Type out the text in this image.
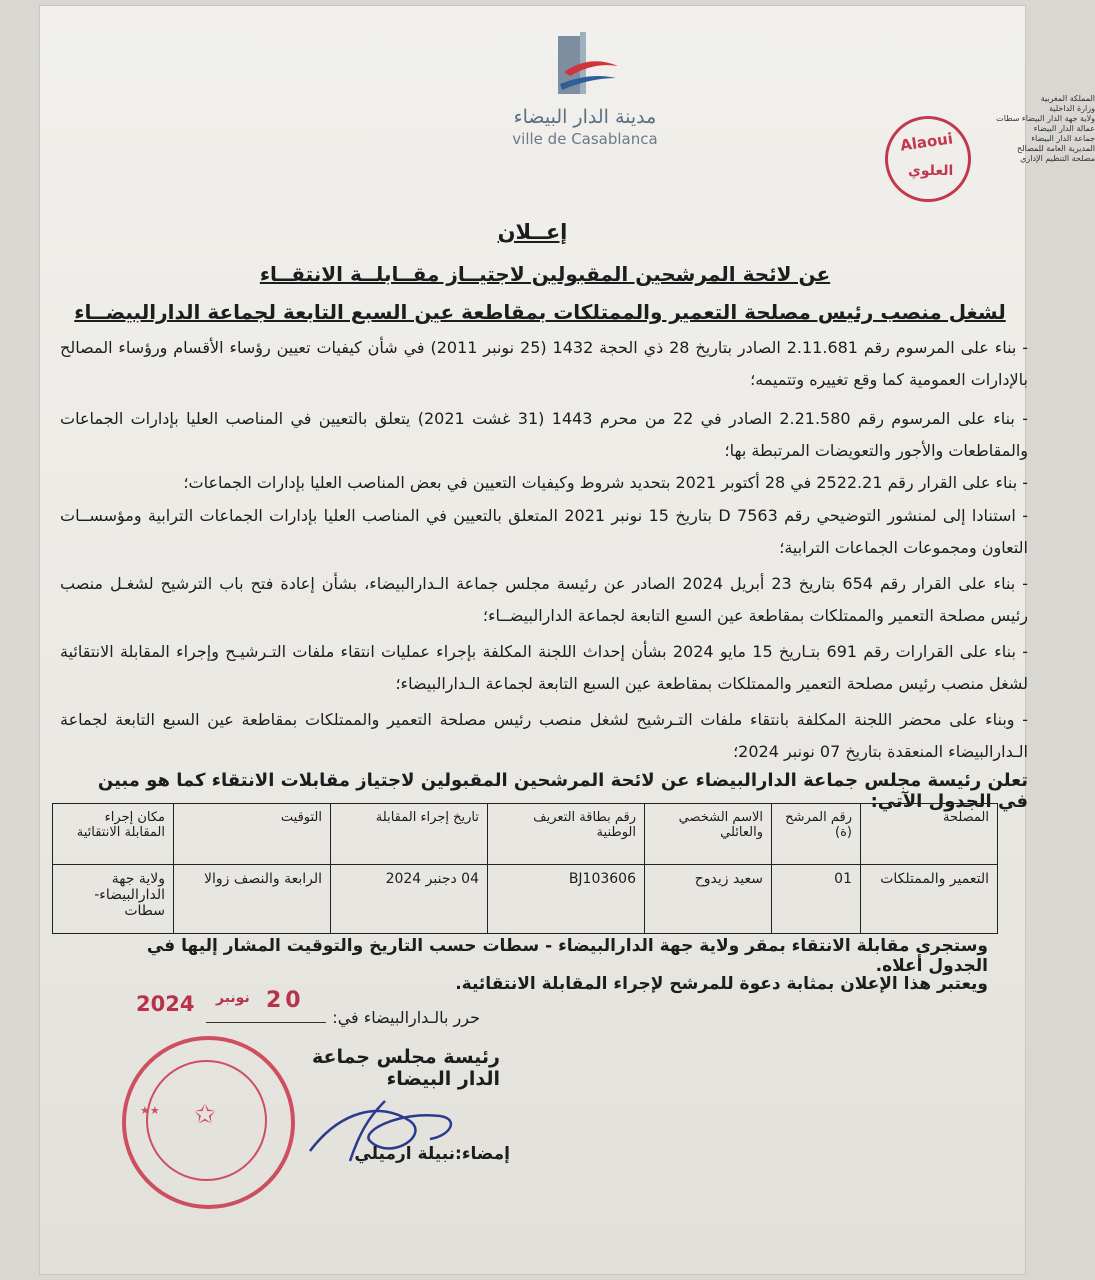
مدينة الدار البيضاء
ville de Casablanca
المملكة المغربية
وزارة الداخلية
ولاية جهة الدار البيضاء سطات
عمالة الدار البيضاء
جماعة الدار البيضاء
المديرية العامة للمصالح
مصلحة التنظيم الإداري
Alaoui
العلوي
إعــلان
عن لائحة المرشحين المقبولين لاجتيــاز مقــابلــة الانتقــاء
لشغل منصب رئيس مصلحة التعمير والممتلكات بمقاطعة عين السبع التابعة لجماعة الدارالبيضــاء
- بناء على المرسوم رقم 2.11.681 الصادر بتاريخ 28 ذي الحجة 1432 (25 نونبر 2011) في شأن كيفيات تعيين رؤساء الأقسام ورؤساء المصالح بالإدارات العمومية كما وقع تغييره وتتميمه؛
- بناء على المرسوم رقم 2.21.580 الصادر في 22 من محرم 1443 (31 غشت 2021) يتعلق بالتعيين في المناصب العليا بإدارات الجماعات والمقاطعات والأجور والتعويضات المرتبطة بها؛
- بناء على القرار رقم 2522.21 في 28 أكتوبر 2021 بتحديد شروط وكيفيات التعيين في بعض المناصب العليا بإدارات الجماعات؛
- استنادا إلى لمنشور التوضيحي رقم D 7563 بتاريخ 15 نونبر 2021 المتعلق بالتعيين في المناصب العليا بإدارات الجماعات الترابية ومؤسســات التعاون ومجموعات الجماعات الترابية؛
- بناء على القرار رقم 654 بتاريخ 23 أبريل 2024 الصادر عن رئيسة مجلس جماعة الـدارالبيضاء، بشأن إعادة فتح باب الترشيح لشغـل منصب رئيس مصلحة التعمير والممتلكات بمقاطعة عين السبع التابعة لجماعة الدارالبيضــاء؛
- بناء على القرارات رقم 691 بتـاريخ 15 مايو 2024 بشأن إحداث اللجنة المكلفة بإجراء عمليات انتقاء ملفات التـرشيـح وإجراء المقابلة الانتقائية لشغل منصب رئيس مصلحة التعمير والممتلكات بمقاطعة عين السبع التابعة لجماعة الـدارالبيضاء؛
- وبناء على محضر اللجنة المكلفة بانتقاء ملفات التـرشيح لشغل منصب رئيس مصلحة التعمير والممتلكات بمقاطعة عين السبع التابعة لجماعة الـدارالبيضاء المنعقدة بتاريخ 07 نونبر 2024؛
تعلن رئيسة مجلس جماعة الدارالبيضاء عن لائحة المرشحين المقبولين لاجتياز مقابلات الانتقاء كما هو مبين في الجدول الآتي:
المصلحة	رقم المرشح (ة)	الاسم الشخصي والعائلي	رقم بطاقة التعريف الوطنية	تاريخ إجراء المقابلة	التوقيت	مكان إجراء المقابلة الانتقائية
التعمير والممتلكات	01	سعيد زيدوح	BJ103606	04 دجنبر 2024	الرابعة والنصف زوالا	ولاية جهة الدارالبيضاء- سطات
وستجرى مقابلة الانتقاء بمقر ولاية جهة الدارالبيضاء - سطات حسب التاريخ والتوقيت المشار إليها في الجدول أعلاه.
ويعتبر هذا الإعلان بمثابة دعوة للمرشح لإجراء المقابلة الانتقائية.
2024 نونبر 20
حرر بالـدارالبيضاء في:
رئيسة مجلس جماعة الدار البيضاء
★★ ✩
إمضاء:نبيلة ارميلي
